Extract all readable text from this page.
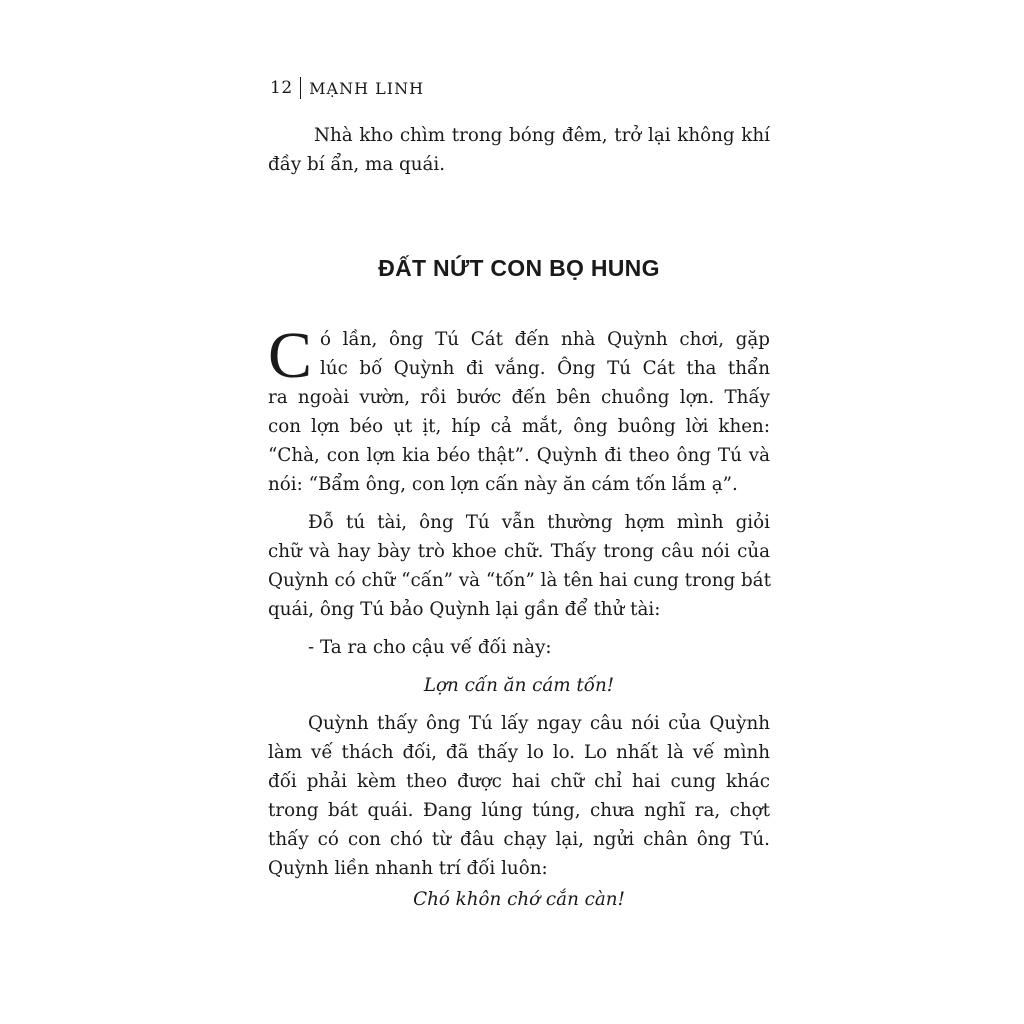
12 MẠNH LINH
Nhà kho chìm trong bóng đêm, trở lại không khí
đầy bí ẩn, ma quái.
ĐẤT NỨT CON BỌ HUNG
C ó lần, ông Tú Cát đến nhà Quỳnh chơi, gặp
lúc bố Quỳnh đi vắng. Ông Tú Cát tha thẩn
ra ngoài vườn, rồi bước đến bên chuồng lợn. Thấy
con lợn béo ụt ịt, híp cả mắt, ông buông lời khen:
“Chà, con lợn kia béo thật”. Quỳnh đi theo ông Tú và
nói: “Bẩm ông, con lợn cấn này ăn cám tốn lắm ạ”.
Đỗ tú tài, ông Tú vẫn thường hợm mình giỏi
chữ và hay bày trò khoe chữ. Thấy trong câu nói của
Quỳnh có chữ “cấn” và “tốn” là tên hai cung trong bát
quái, ông Tú bảo Quỳnh lại gần để thử tài:
- Ta ra cho cậu vế đối này:
Lợn cấn ăn cám tốn!
Quỳnh thấy ông Tú lấy ngay câu nói của Quỳnh
làm vế thách đối, đã thấy lo lo. Lo nhất là vế mình
đối phải kèm theo được hai chữ chỉ hai cung khác
trong bát quái. Đang lúng túng, chưa nghĩ ra, chợt
thấy có con chó từ đâu chạy lại, ngửi chân ông Tú.
Quỳnh liền nhanh trí đối luôn:
Chó khôn chớ cắn càn!
